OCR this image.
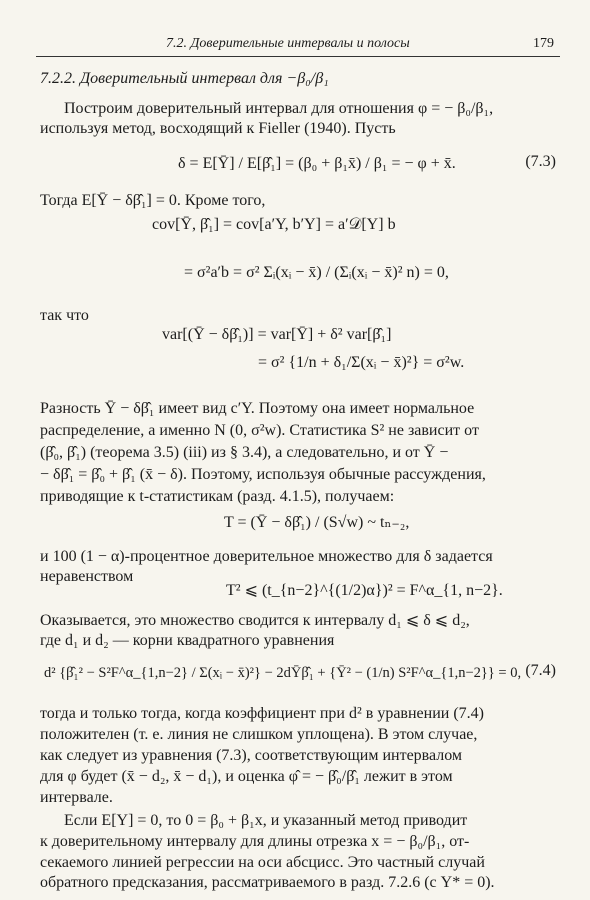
7.2. Доверительные интервалы и полосы	179
7.2.2. Доверительный интервал для −β₀/β₁
Построим доверительный интервал для отношения φ = − β₀/β₁,
используя метод, восходящий к Fieller (1940). Пусть
δ = E[Ȳ] / E[β̂₁] = (β₀ + β₁x̄) / β₁ = − φ + x̄.	(7.3)
Тогда E[Ȳ − δβ̂₁] = 0. Кроме того,
cov[Ȳ, β̂₁] = cov[a′Y, b′Y] = a′𝒟[Y] b
= σ²a′b = σ² Σᵢ(xᵢ − x̄) / (Σᵢ(xᵢ − x̄)² n) = 0,
так что
var[(Ȳ − δβ̂₁)] = var[Ȳ] + δ² var[β̂₁]
= σ² {1/n + δ₁/Σ(xᵢ − x̄)²} = σ²w.
Разность Ȳ − δβ̂₁ имеет вид c′Y. Поэтому она имеет нормальное
распределение, а именно N (0, σ²w). Статистика S² не зависит от
(β̂₀, β̂₁) (теорема 3.5) (iii) из § 3.4), а следовательно, и от Ȳ −
− δβ̂₁ = β̂₀ + β̂₁ (x̄ − δ). Поэтому, используя обычные рассуждения,
приводящие к t-статистикам (разд. 4.1.5), получаем:
T = (Ȳ − δβ̂₁) / (S√w) ~ tₙ₋₂,
и 100 (1 − α)-процентное доверительное множество для δ задается
неравенством
T² ⩽ (t_{n−2}^{(1/2)α})² = F^α_{1, n−2}.
Оказывается, это множество сводится к интервалу d₁ ⩽ δ ⩽ d₂,
где d₁ и d₂ — корни квадратного уравнения
d² {β̂₁² − S²F^α_{1,n−2} / Σ(xᵢ − x̄)²} − 2dȲβ̂₁ + {Ȳ² − (1/n) S²F^α_{1,n−2}} = 0, (7.4)
тогда и только тогда, когда коэффициент при d² в уравнении (7.4)
положителен (т. е. линия не слишком уплощена). В этом случае,
как следует из уравнения (7.3), соответствующим интервалом
для φ будет (x̄ − d₂, x̄ − d₁), и оценка φ̂ = − β̂₀/β̂₁ лежит в этом
интервале.
Если E[Y] = 0, то 0 = β₀ + β₁x, и указанный метод приводит
к доверительному интервалу для длины отрезка x = − β₀/β₁, от-
секаемого линией регрессии на оси абсцисс. Это частный случай
обратного предсказания, рассматриваемого в разд. 7.2.6 (с Y* = 0).
